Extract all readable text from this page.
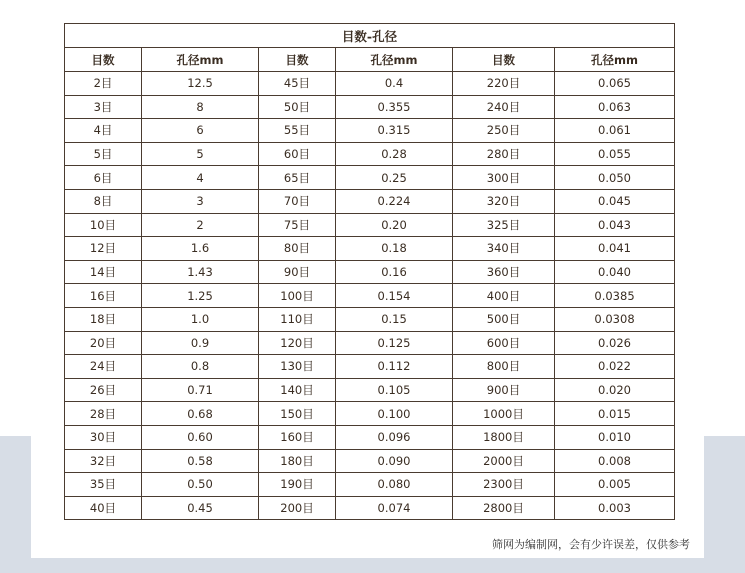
目数-孔径					
目数	孔径mm	目数	孔径mm	目数	孔径mm
2目	12.5	45目	0.4	220目	0.065
3目	8	50目	0.355	240目	0.063
4目	6	55目	0.315	250目	0.061
5目	5	60目	0.28	280目	0.055
6目	4	65目	0.25	300目	0.050
8目	3	70目	0.224	320目	0.045
10目	2	75目	0.20	325目	0.043
12目	1.6	80目	0.18	340目	0.041
14目	1.43	90目	0.16	360目	0.040
16目	1.25	100目	0.154	400目	0.0385
18目	1.0	110目	0.15	500目	0.0308
20目	0.9	120目	0.125	600目	0.026
24目	0.8	130目	0.112	800目	0.022
26目	0.71	140目	0.105	900目	0.020
28目	0.68	150目	0.100	1000目	0.015
30目	0.60	160目	0.096	1800目	0.010
32目	0.58	180目	0.090	2000目	0.008
35目	0.50	190目	0.080	2300目	0.005
40目	0.45	200目	0.074	2800目	0.003
筛网为编制网，会有少许误差，仅供参考
